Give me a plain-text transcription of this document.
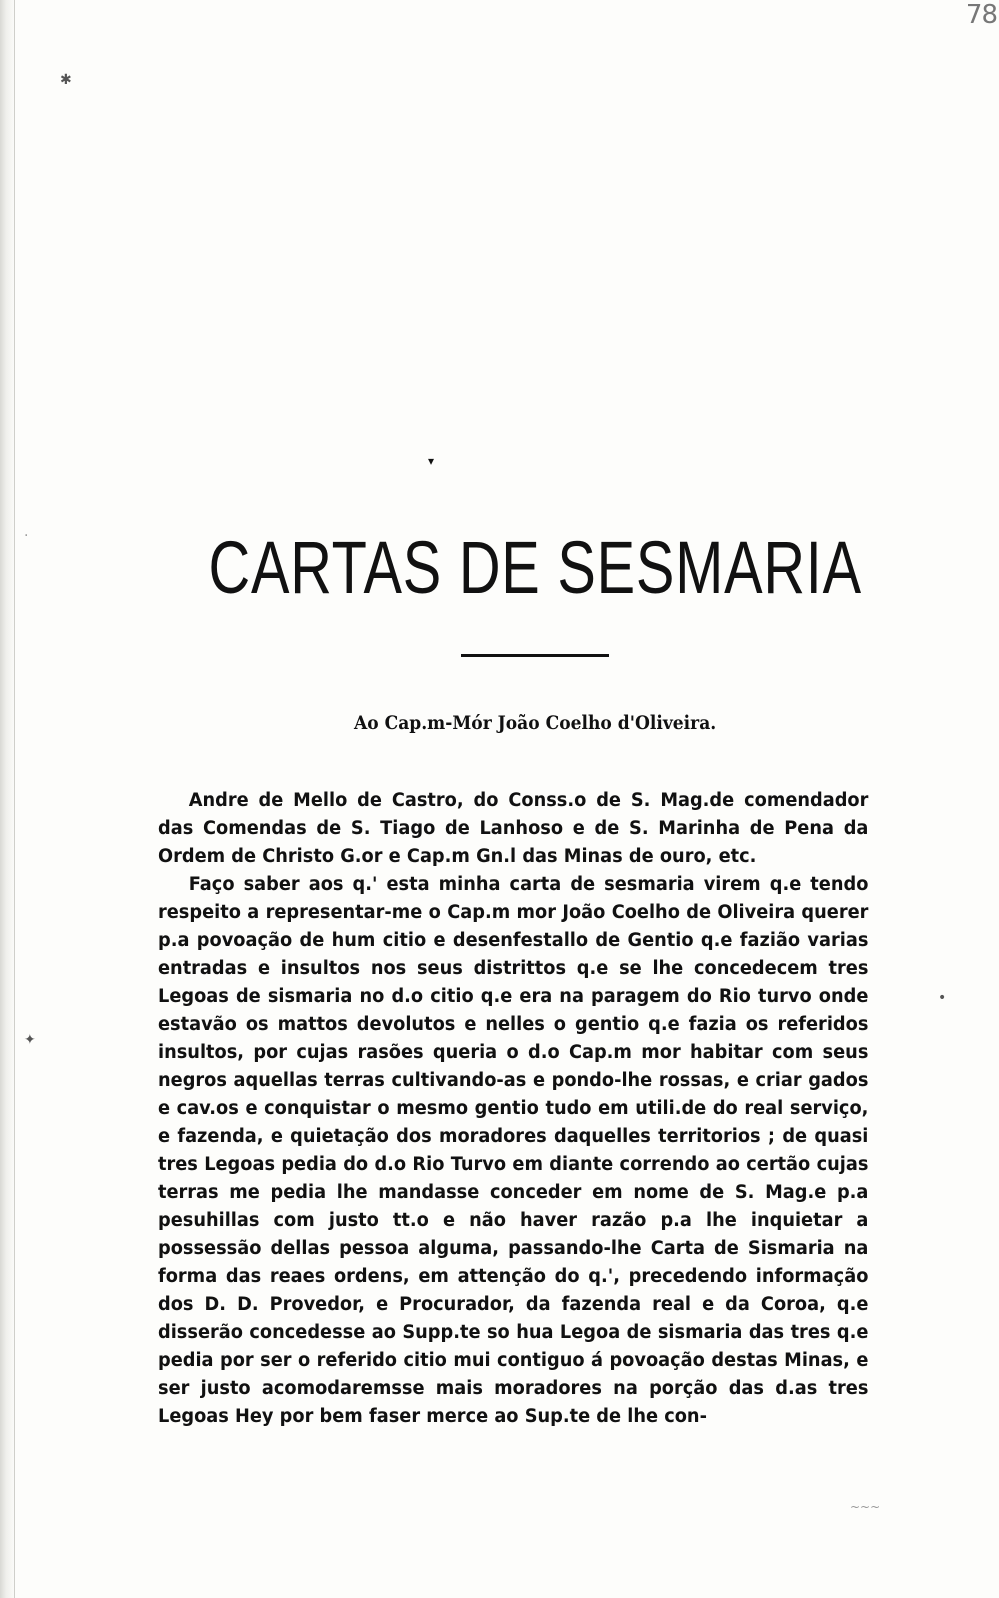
78
✱
·
✦
•
~~~
▾
CARTAS DE SESMARIA
Ao Cap.m-Mór João Coelho d'Oliveira.

Andre de Mello de Castro, do Conss.o de S. Mag.de comendador das Comendas de S. Tiago de Lanhoso e de S. Marinha de Pena da Ordem de Christo G.or e Cap.m Gn.l das Minas de ouro, etc.

Faço saber aos q.' esta minha carta de sesmaria virem q.e tendo respeito a representar-me o Cap.m mor João Coelho de Oliveira querer p.a povoação de hum citio e desenfestallo de Gentio q.e fazião varias entradas e insultos nos seus distrittos q.e se lhe concedecem tres Legoas de sismaria no d.o citio q.e era na paragem do Rio turvo onde estavão os mattos devolutos e nelles o gentio q.e fazia os referidos insultos, por cujas rasões queria o d.o Cap.m mor habitar com seus negros aquellas terras cultivando-as e pondo-lhe rossas, e criar gados e cav.os e conquistar o mesmo gentio tudo em utili.de do real serviço, e fazenda, e quietação dos moradores daquelles territorios ; de quasi tres Legoas pedia do d.o Rio Turvo em diante correndo ao certão cujas terras me pedia lhe mandasse conceder em nome de S. Mag.e p.a pesuhillas com justo tt.o e não haver razão p.a lhe inquietar a possessão dellas pessoa alguma, passando-lhe Carta de Sismaria na forma das reaes ordens, em attenção do q.', precedendo informação dos D. D. Provedor, e Procurador, da fazenda real e da Coroa, q.e disserão concedesse ao Supp.te so hua Legoa de sismaria das tres q.e pedia por ser o referido citio mui contiguo á povoação destas Minas, e ser justo acomodaremsse mais moradores na porção das d.as tres Legoas Hey por bem faser merce ao Sup.te de lhe con-
